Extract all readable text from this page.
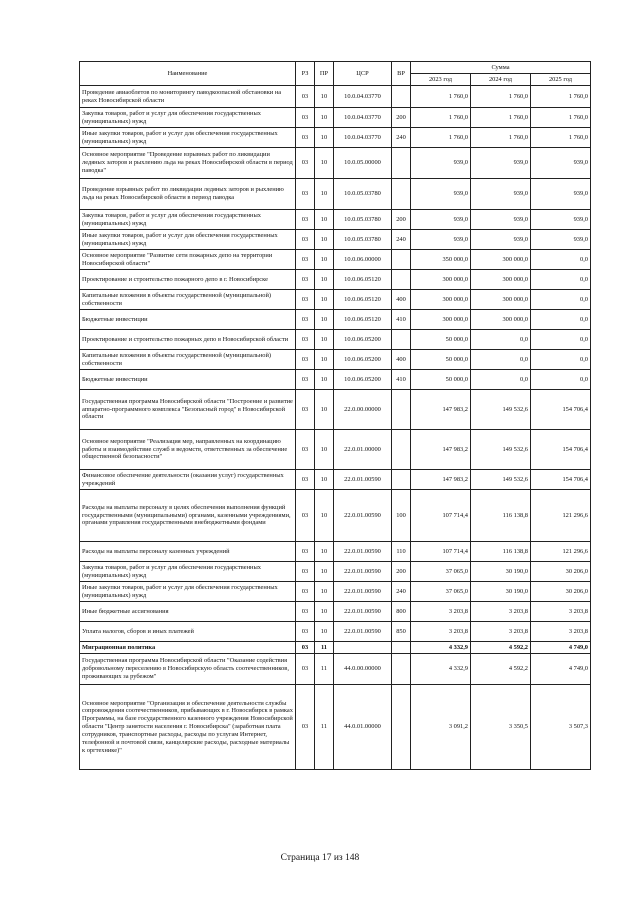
Наименование	РЗ	ПР	ЦСР	ВР	Сумма		
					2023 год	2024 год	2025 год
Проведение авиаоблетов по мониторингу паводкоопасной обстановки на реках Новосибирской области	03	10	10.0.04.03770		1 760,0	1 760,0	1 760,0
Закупка товаров, работ и услуг для обеспечения государственных (муниципальных) нужд	03	10	10.0.04.03770	200	1 760,0	1 760,0	1 760,0
Иные закупки товаров, работ и услуг для обеспечения государственных (муниципальных) нужд	03	10	10.0.04.03770	240	1 760,0	1 760,0	1 760,0
Основное мероприятие "Проведение взрывных работ по ликвидации ледяных заторов и рыхлению льда на реках Новосибирской области в период паводка"	03	10	10.0.05.00000		939,0	939,0	939,0
Проведение взрывных работ по ликвидации ледяных заторов и рыхлению льда на реках Новосибирской области в период паводка	03	10	10.0.05.03780		939,0	939,0	939,0
Закупка товаров, работ и услуг для обеспечения государственных (муниципальных) нужд	03	10	10.0.05.03780	200	939,0	939,0	939,0
Иные закупки товаров, работ и услуг для обеспечения государственных (муниципальных) нужд	03	10	10.0.05.03780	240	939,0	939,0	939,0
Основное мероприятие "Развитие сети пожарных депо на территории Новосибирской области"	03	10	10.0.06.00000		350 000,0	300 000,0	0,0
Проектирование и строительство пожарного депо в г. Новосибирске	03	10	10.0.06.05120		300 000,0	300 000,0	0,0
Капитальные вложения в объекты государственной (муниципальной) собственности	03	10	10.0.06.05120	400	300 000,0	300 000,0	0,0
Бюджетные инвестиции	03	10	10.0.06.05120	410	300 000,0	300 000,0	0,0
Проектирование и строительство пожарных депо в Новосибирской области	03	10	10.0.06.05200		50 000,0	0,0	0,0
Капитальные вложения в объекты государственной (муниципальной) собственности	03	10	10.0.06.05200	400	50 000,0	0,0	0,0
Бюджетные инвестиции	03	10	10.0.06.05200	410	50 000,0	0,0	0,0
Государственная программа Новосибирской области "Построение и развитие аппаратно-программного комплекса "Безопасный город" в Новосибирской области	03	10	22.0.00.00000		147 983,2	149 532,6	154 706,4
Основное мероприятие "Реализация мер, направленных на координацию работы и взаимодействие служб и ведомств, ответственных за обеспечение общественной безопасности"	03	10	22.0.01.00000		147 983,2	149 532,6	154 706,4
Финансовое обеспечение деятельности (оказания услуг) государственных учреждений	03	10	22.0.01.00590		147 983,2	149 532,6	154 706,4
Расходы на выплаты персоналу в целях обеспечения выполнения функций государственными (муниципальными) органами, казенными учреждениями, органами управления государственными внебюджетными фондами	03	10	22.0.01.00590	100	107 714,4	116 138,8	121 296,6
Расходы на выплаты персоналу казенных учреждений	03	10	22.0.01.00590	110	107 714,4	116 138,8	121 296,6
Закупка товаров, работ и услуг для обеспечения государственных (муниципальных) нужд	03	10	22.0.01.00590	200	37 065,0	30 190,0	30 206,0
Иные закупки товаров, работ и услуг для обеспечения государственных (муниципальных) нужд	03	10	22.0.01.00590	240	37 065,0	30 190,0	30 206,0
Иные бюджетные ассигнования	03	10	22.0.01.00590	800	3 203,8	3 203,8	3 203,8
Уплата налогов, сборов и иных платежей	03	10	22.0.01.00590	850	3 203,8	3 203,8	3 203,8
Миграционная политика	03	11			4 332,9	4 592,2	4 749,0
Государственная программа Новосибирской области "Оказание содействия добровольному переселению в Новосибирскую область соотечественников, проживающих за рубежом"	03	11	44.0.00.00000		4 332,9	4 592,2	4 749,0
Основное мероприятие "Организация и обеспечение деятельности службы сопровождения соотечественников, прибывающих в г. Новосибирск в рамках Программы, на базе государственного казенного учреждения Новосибирской области "Центр занятости населения г. Новосибирска" (заработная плата сотрудников, транспортные расходы, расходы по услугам Интернет, телефонной и почтовой связи, канцелярские расходы, расходные материалы к оргтехнике)"	03	11	44.0.01.00000		3 091,2	3 350,5	3 507,3
Страница 17 из 148
